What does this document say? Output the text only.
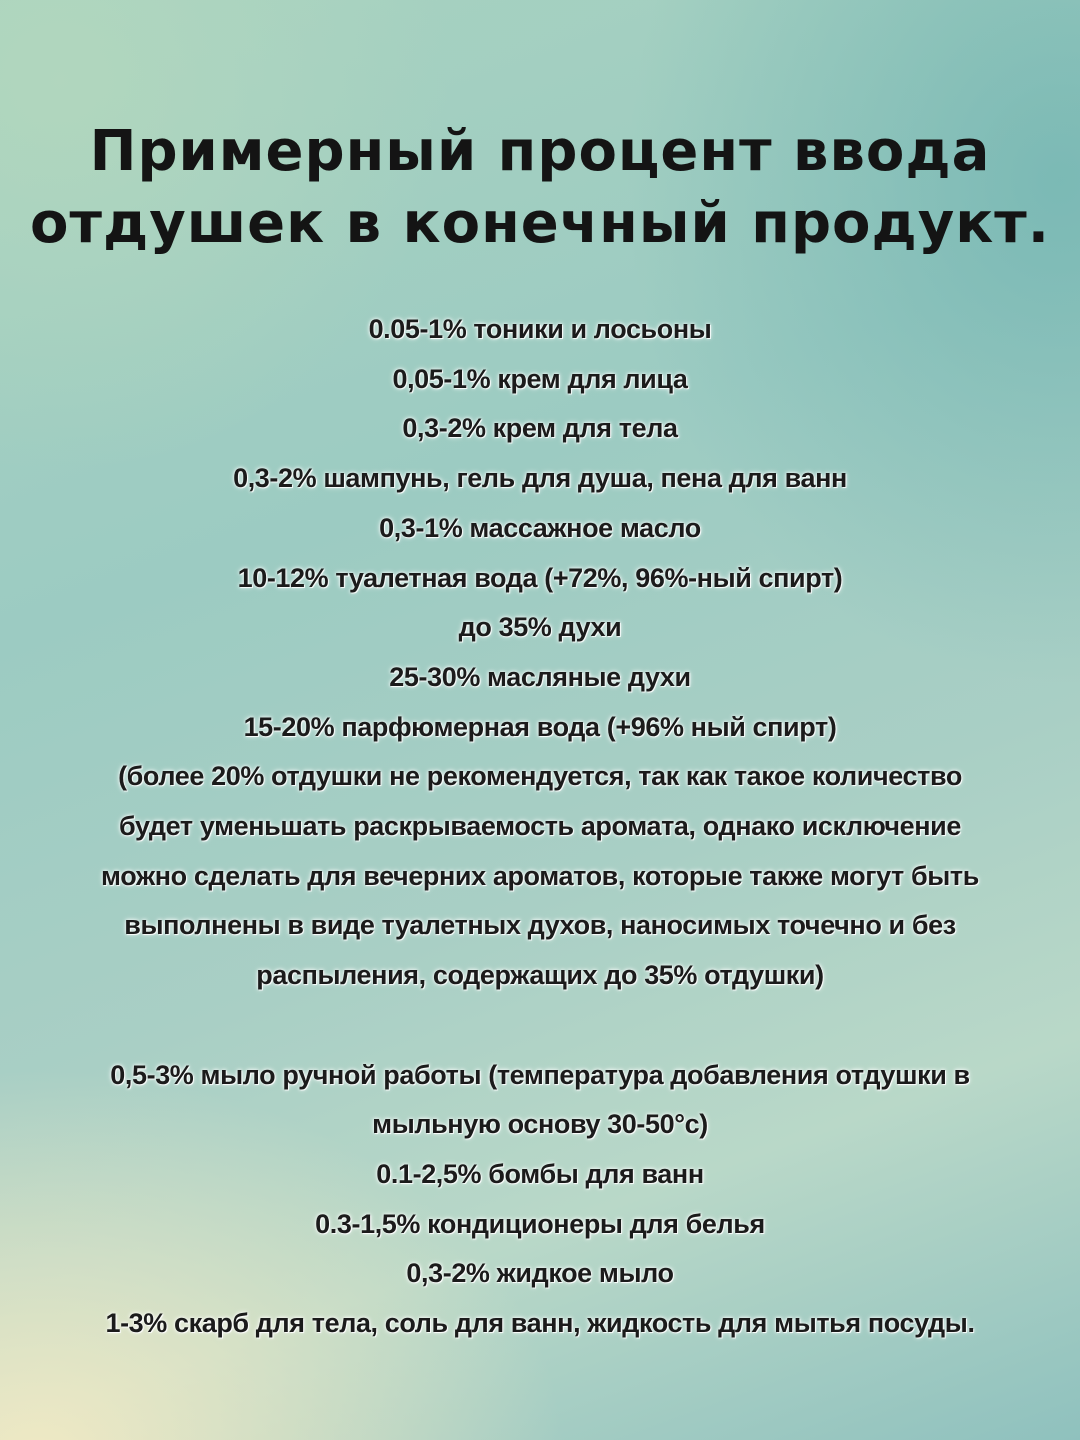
Примерный процент ввода
отдушек в конечный продукт.
0.05-1% тоники и лосьоны
0,05-1% крем для лица
0,3-2% крем для тела
0,3-2% шампунь, гель для душа, пена для ванн
0,3-1% массажное масло
10-12% туалетная вода (+72%, 96%-ный спирт)
до 35% духи
25-30% масляные духи
15-20% парфюмерная вода (+96% ный спирт)
(более 20% отдушки не рекомендуется, так как такое количество
будет уменьшать раскрываемость аромата, однако исключение
можно сделать для вечерних ароматов, которые также могут быть
выполнены в виде туалетных духов, наносимых точечно и без
распыления, содержащих до 35% отдушки)
0,5-3% мыло ручной работы (температура добавления отдушки в
мыльную основу 30-50°с)
0.1-2,5% бомбы для ванн
0.3-1,5% кондиционеры для белья
0,3-2% жидкое мыло
1-3% скарб для тела, соль для ванн, жидкость для мытья посуды.
